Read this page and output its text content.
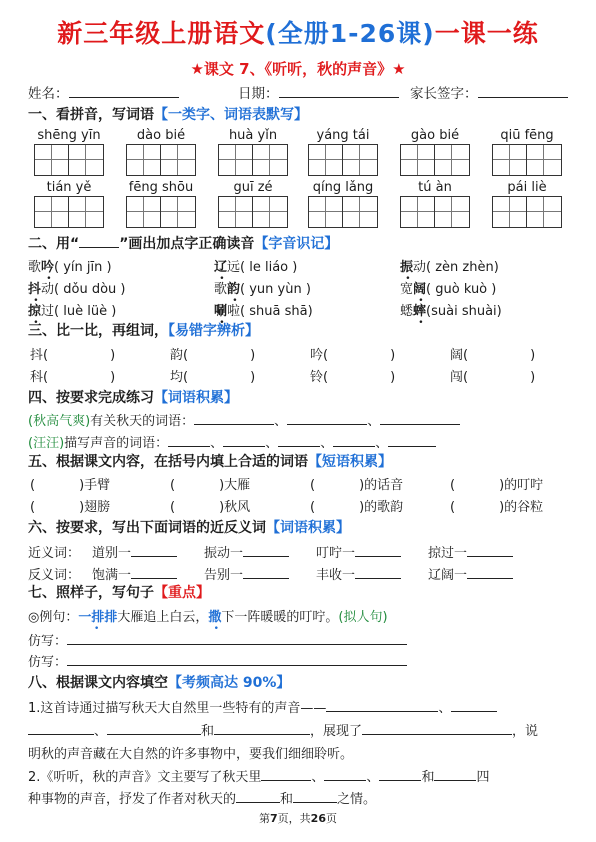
新三年级上册语文(全册1-26课)一课一练
★课文 7、《听听，秋的声音》★
姓名：	日期：	家长签字：
一、看拼音，写词语【一类字、词语表默写】
shēng yīn	dào bié	huà yǐn	yáng tái	gào bié	qiū fēng
tián yě	fēng shōu	guī zé	qíng lǎng	tú àn	pái liè
二、用“	”画出加点字正确读音【字音识记】
歌吟( yín jīn )	辽远( le liáo )	振动( zèn zhèn)
抖动( dǒu dòu )	歌韵( yun yùn )	宽阔( guò kuò )
掠过( luè lüè )	唰啦( shuā shā)	蟋蟀(suài shuài)
三、比一比，再组词，【易错字辨析】
抖(	)	韵(	)	吟(	)	阔(	)
科(	)	均(	)	铃(	)	闯(	)
四、按要求完成练习【词语积累】
(秋高气爽)有关秋天的词语：	、	、
(汪汪)描写声音的词语：	、	、	、	、
五、根据课文内容，在括号内填上合适的词语【短语积累】
(	)手臂	(	)大雁	(	)的话音	(	)的叮咛
(	)翅膀	(	)秋风	(	)的歌韵	(	)的谷粒
六、按要求，写出下面词语的近反义词【词语积累】
近义词： 道别一	振动一	叮咛一	掠过一
反义词： 饱满一	告别一	丰收一	辽阔一
七、照样子，写句子【重点】
◎例句：一排排大雁追上白云，撒下一阵暖暖的叮咛。(拟人句)
仿写：
仿写：
八、根据课文内容填空【考频高达 90%】
1.这首诗通过描写秋天大自然里一些特有的声音——	、
、	和	，展现了	，说
明秋的声音藏在大自然的许多事物中，要我们细细聆听。
2.《听听，秋的声音》文主要写了秋天里	、	、	和	四
种事物的声音，抒发了作者对秋天的	和	之情。
第7页，共26页
